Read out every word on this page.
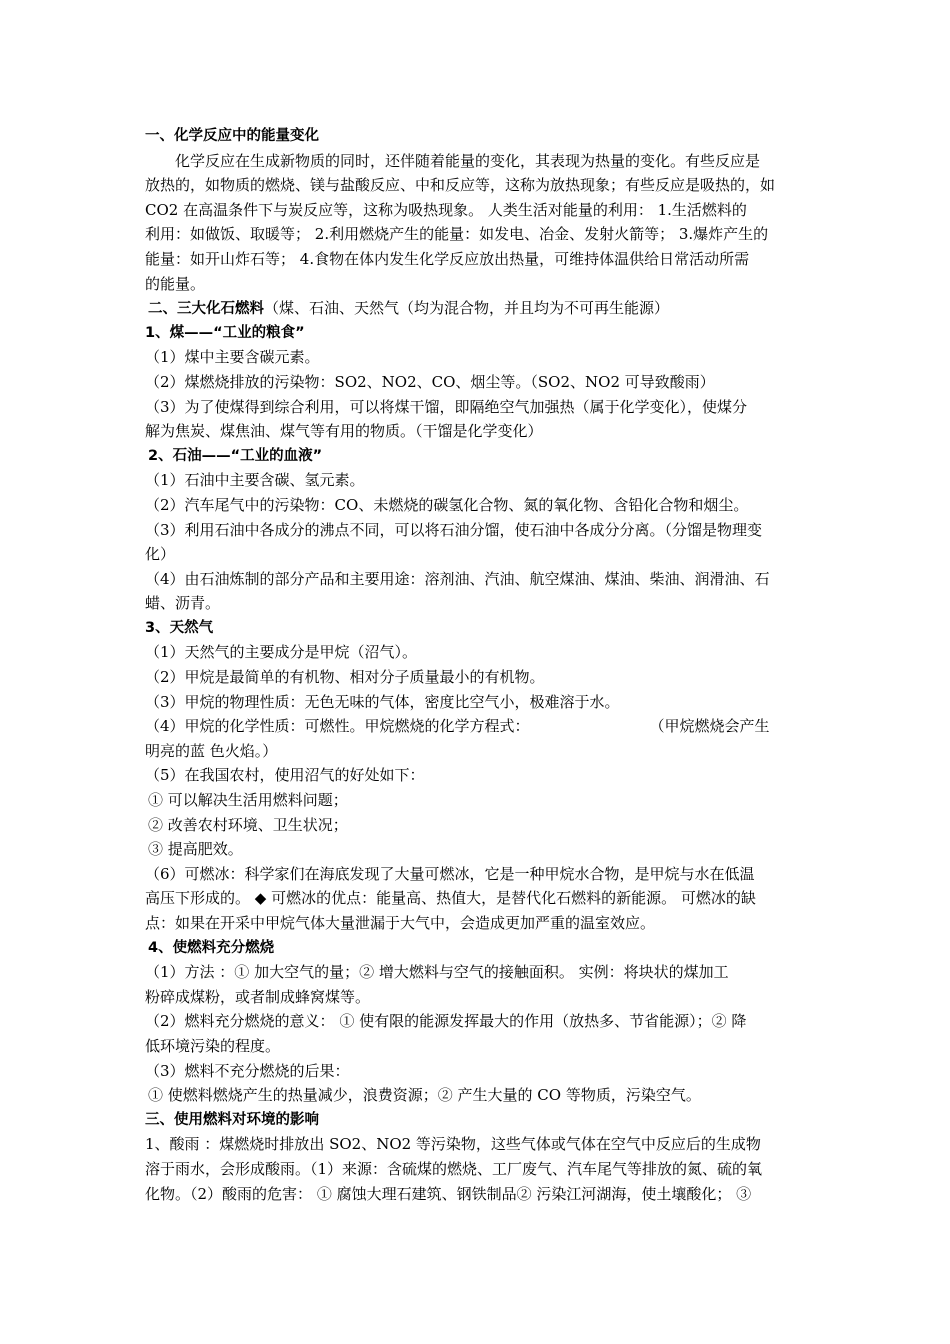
一、化学反应中的能量变化
化学反应在生成新物质的同时，还伴随着能量的变化，其表现为热量的变化。有些反应是
放热的，如物质的燃烧、镁与盐酸反应、中和反应等，这称为放热现象；有些反应是吸热的，如
CO2 在高温条件下与炭反应等，这称为吸热现象。 人类生活对能量的利用： 1.生活燃料的
利用：如做饭、取暖等； 2.利用燃烧产生的能量：如发电、冶金、发射火箭等； 3.爆炸产生的
能量：如开山炸石等； 4.食物在体内发生化学反应放出热量，可维持体温供给日常活动所需
的能量。
二、三大化石燃料（煤、石油、天然气（均为混合物，并且均为不可再生能源）
1、煤——“工业的粮食”
（1）煤中主要含碳元素。
（2）煤燃烧排放的污染物：SO2、NO2、CO、烟尘等。（SO2、NO2 可导致酸雨）
（3）为了使煤得到综合利用，可以将煤干馏，即隔绝空气加强热（属于化学变化），使煤分
解为焦炭、煤焦油、煤气等有用的物质。（干馏是化学变化）
2、石油——“工业的血液”
（1）石油中主要含碳、氢元素。
（2）汽车尾气中的污染物：CO、未燃烧的碳氢化合物、氮的氧化物、含铅化合物和烟尘。
（3）利用石油中各成分的沸点不同，可以将石油分馏，使石油中各成分分离。（分馏是物理变
化）
（4）由石油炼制的部分产品和主要用途：溶剂油、汽油、航空煤油、煤油、柴油、润滑油、石
蜡、沥青。
3、天然气
（1）天然气的主要成分是甲烷（沼气）。
（2）甲烷是最简单的有机物、相对分子质量最小的有机物。
（3）甲烷的物理性质：无色无味的气体，密度比空气小，极难溶于水。
（4）甲烷的化学性质：可燃性。甲烷燃烧的化学方程式：	（甲烷燃烧会产生
明亮的蓝 色火焰。）
（5）在我国农村，使用沼气的好处如下：
① 可以解决生活用燃料问题；
② 改善农村环境、卫生状况；
③ 提高肥效。
（6）可燃冰：科学家们在海底发现了大量可燃冰，它是一种甲烷水合物，是甲烷与水在低温
高压下形成的。 ◆ 可燃冰的优点：能量高、热值大，是替代化石燃料的新能源。 可燃冰的缺
点：如果在开采中甲烷气体大量泄漏于大气中，会造成更加严重的温室效应。
4、使燃料充分燃烧
（1）方法 ：① 加大空气的量；② 增大燃料与空气的接触面积。 实例：将块状的煤加工
粉碎成煤粉，或者制成蜂窝煤等。
（2）燃料充分燃烧的意义： ① 使有限的能源发挥最大的作用（放热多、节省能源）；② 降
低环境污染的程度。
（3）燃料不充分燃烧的后果：
① 使燃料燃烧产生的热量减少，浪费资源；② 产生大量的 CO 等物质，污染空气。
三、使用燃料对环境的影响
1、酸雨 ：煤燃烧时排放出 SO2、NO2 等污染物，这些气体或气体在空气中反应后的生成物
溶于雨水，会形成酸雨。（1）来源：含硫煤的燃烧、工厂废气、汽车尾气等排放的氮、硫的氧
化物。（2）酸雨的危害： ① 腐蚀大理石建筑、钢铁制品② 污染江河湖海，使土壤酸化； ③
